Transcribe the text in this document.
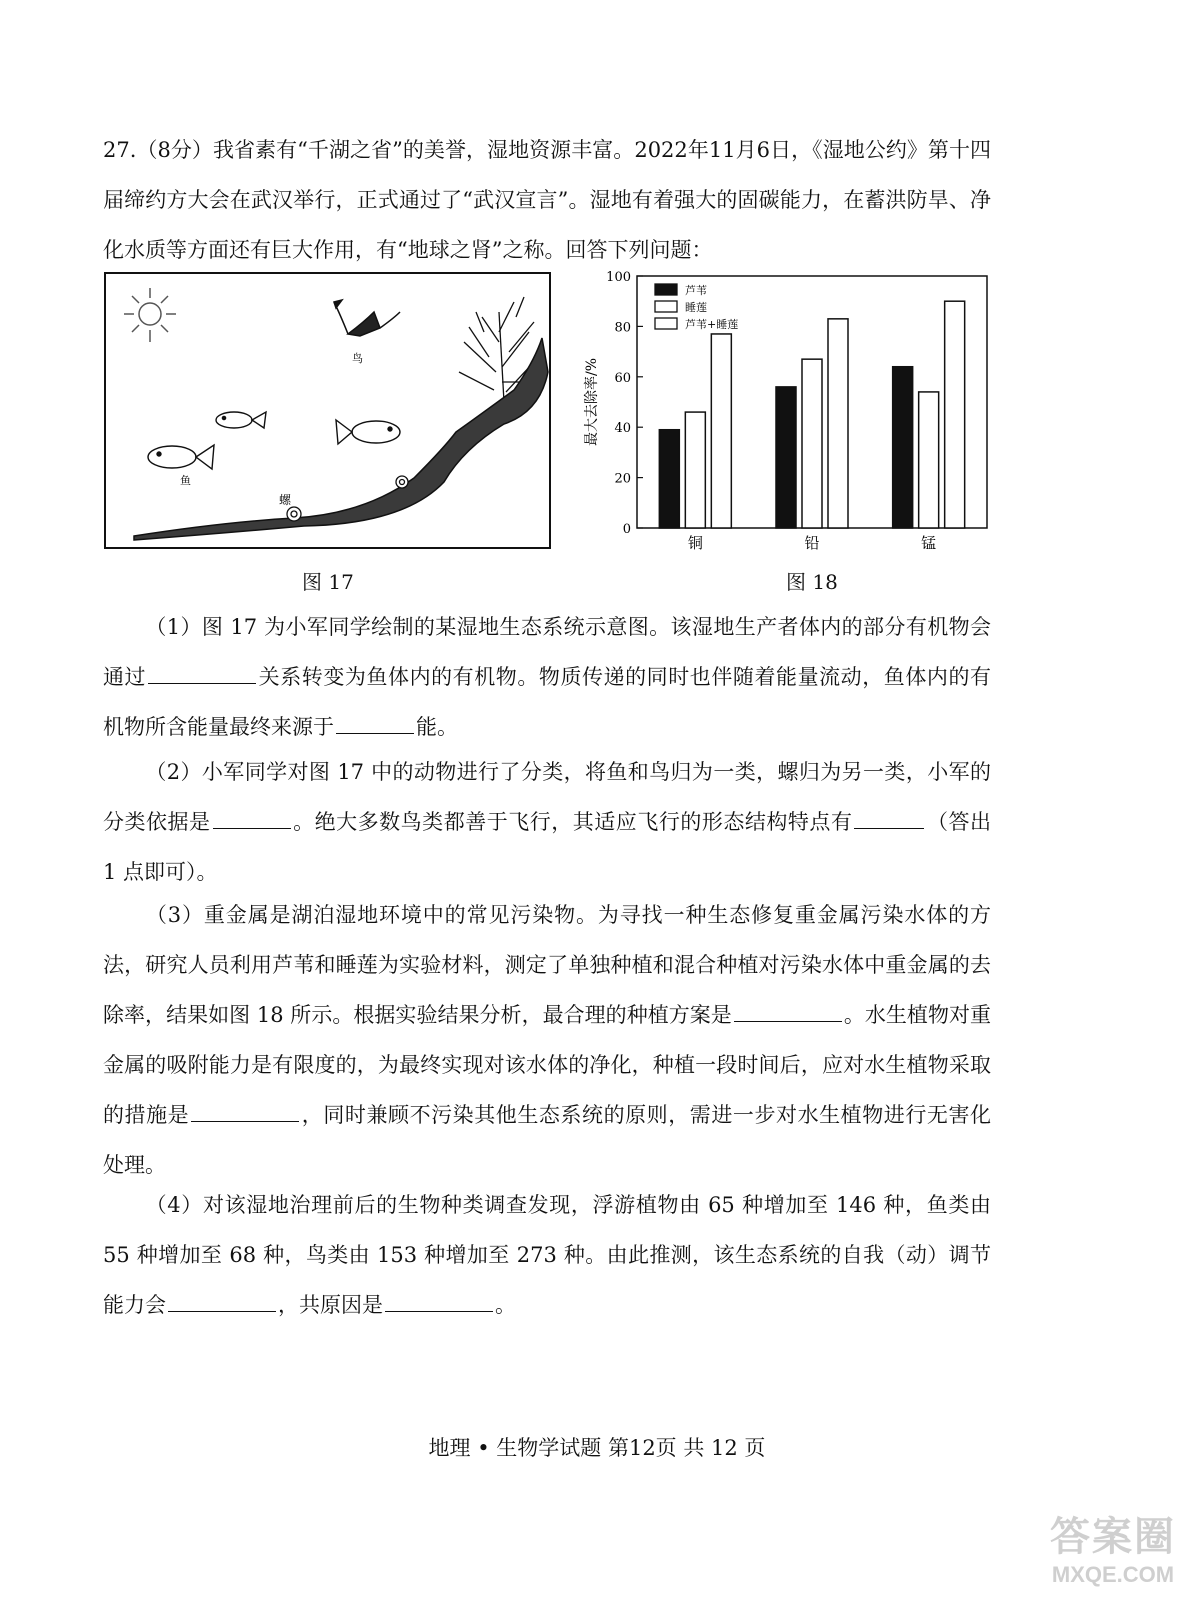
27.（8分）我省素有“千湖之省”的美誉，湿地资源丰富。2022年11月6日，《湿地公约》第十四届缔约方大会在武汉举行，正式通过了“武汉宣言”。湿地有着强大的固碳能力，在蓄洪防旱、净化水质等方面还有巨大作用，有“地球之肾”之称。回答下列问题：
鸟
鱼
螺
图 17
0
20
40
60
80
100
最大去除率/%
铜	铅	锰
芦苇
睡莲
芦苇+睡莲
图 18
（1）图 17 为小军同学绘制的某湿地生态系统示意图。该湿地生产者体内的部分有机物会通过	关系转变为鱼体内的有机物。物质传递的同时也伴随着能量流动，鱼体内的有机物所含能量最终来源于	能。
（2）小军同学对图 17 中的动物进行了分类，将鱼和鸟归为一类，螺归为另一类，小军的分类依据是	。绝大多数鸟类都善于飞行，其适应飞行的形态结构特点有	（答出 1 点即可）。
（3）重金属是湖泊湿地环境中的常见污染物。为寻找一种生态修复重金属污染水体的方法，研究人员利用芦苇和睡莲为实验材料，测定了单独种植和混合种植对污染水体中重金属的去除率，结果如图 18 所示。根据实验结果分析，最合理的种植方案是	。水生植物对重金属的吸附能力是有限度的，为最终实现对该水体的净化，种植一段时间后，应对水生植物采取的措施是	，同时兼顾不污染其他生态系统的原则，需进一步对水生植物进行无害化处理。
（4）对该湿地治理前后的生物种类调查发现，浮游植物由 65 种增加至 146 种，鱼类由 55 种增加至 68 种，鸟类由 153 种增加至 273 种。由此推测，该生态系统的自我（动）调节能力会	，共原因是	。
地理 • 生物学试题 第12页 共 12 页
答案圈
MXQE.COM
